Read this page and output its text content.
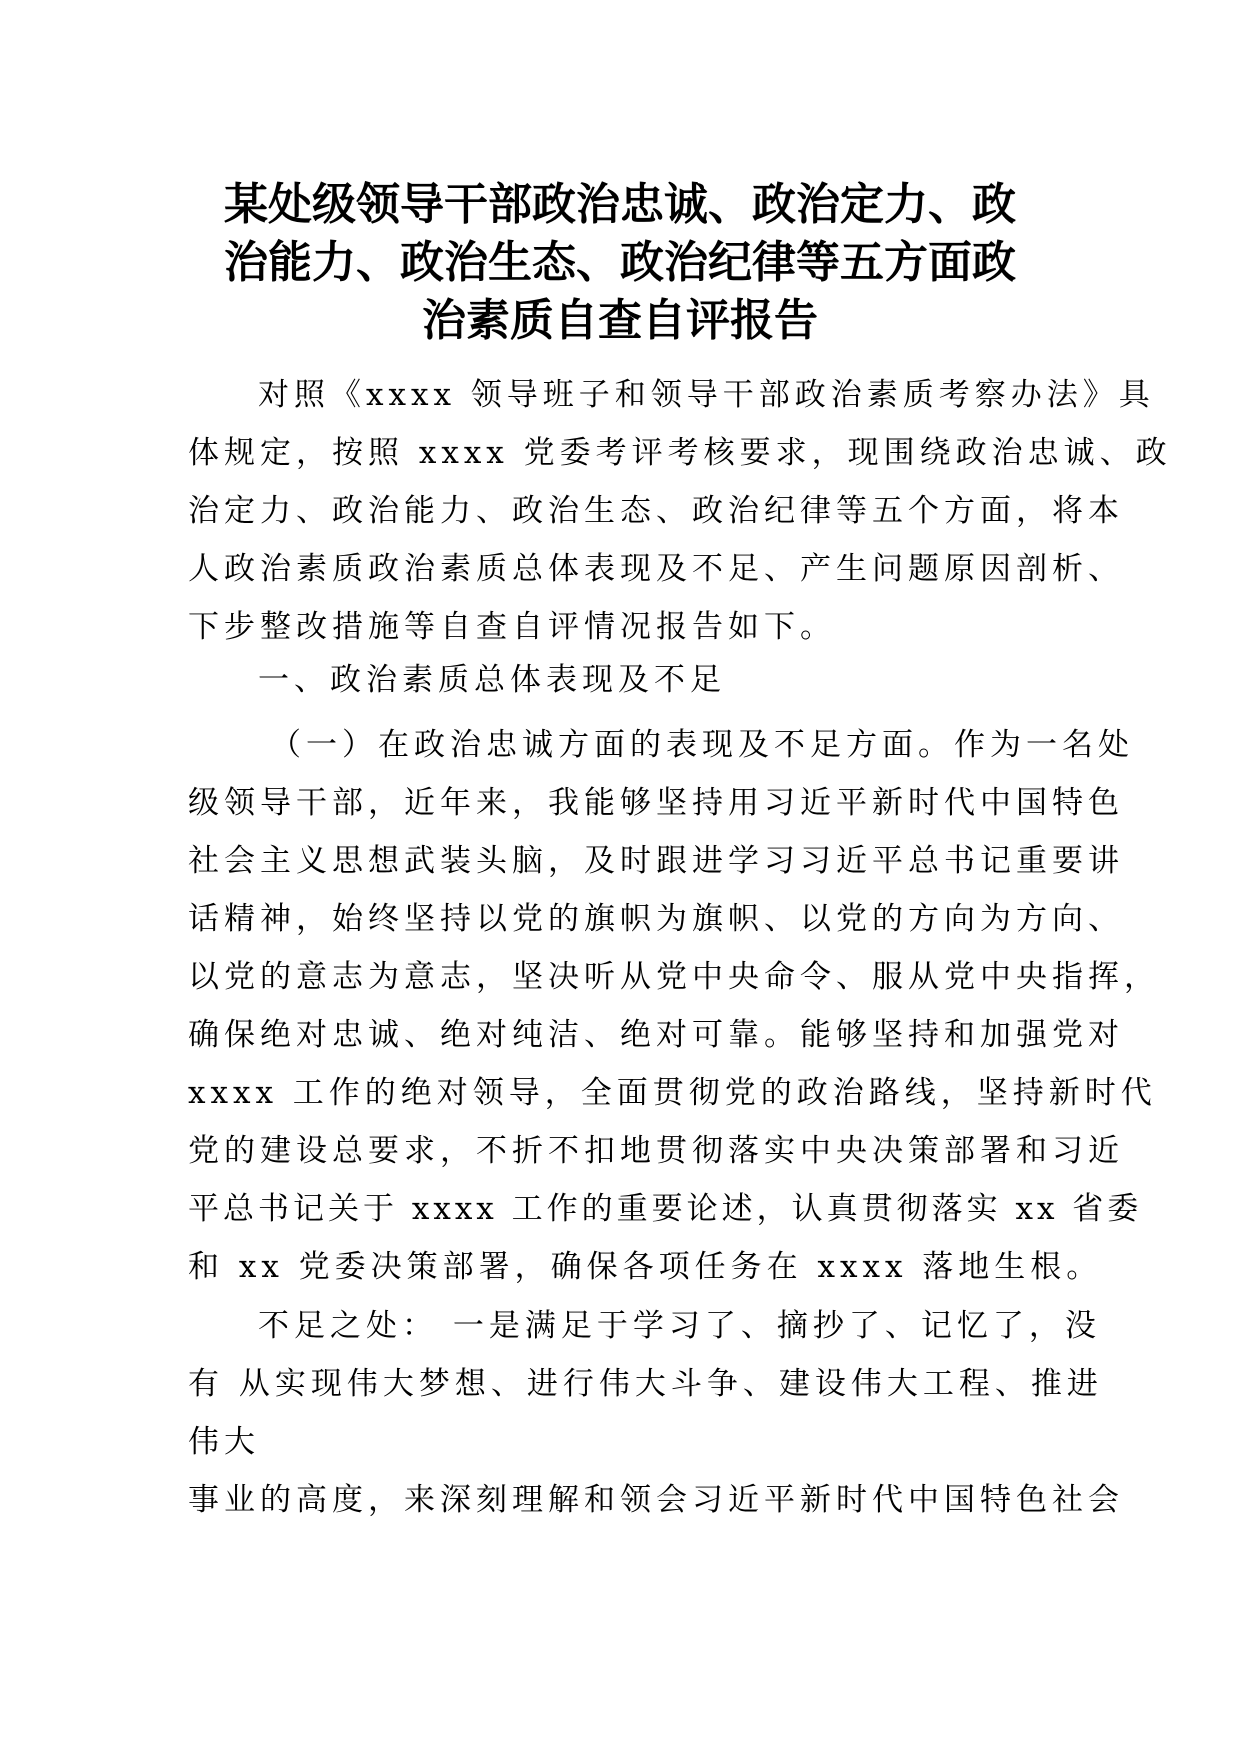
某处级领导干部政治忠诚、政治定力、政
治能力、政治生态、政治纪律等五方面政
治素质自查自评报告
对照《xxxx 领导班子和领导干部政治素质考察办法》具
体规定，按照 xxxx 党委考评考核要求，现围绕政治忠诚、政
治定力、政治能力、政治生态、政治纪律等五个方面，将本
人政治素质政治素质总体表现及不足、产生问题原因剖析、
下步整改措施等自查自评情况报告如下。
一、政治素质总体表现及不足
（一）在政治忠诚方面的表现及不足方面。作为一名处
级领导干部，近年来，我能够坚持用习近平新时代中国特色
社会主义思想武装头脑，及时跟进学习习近平总书记重要讲
话精神，始终坚持以党的旗帜为旗帜、以党的方向为方向、
以党的意志为意志，坚决听从党中央命令、服从党中央指挥，
确保绝对忠诚、绝对纯洁、绝对可靠。能够坚持和加强党对
xxxx 工作的绝对领导，全面贯彻党的政治路线，坚持新时代
党的建设总要求，不折不扣地贯彻落实中央决策部署和习近
平总书记关于 xxxx 工作的重要论述，认真贯彻落实 xx 省委
和 xx 党委决策部署，确保各项任务在 xxxx 落地生根。
不足之处： 一是满足于学习了、摘抄了、记忆了，没
有 从实现伟大梦想、进行伟大斗争、建设伟大工程、推进
伟大
事业的高度，来深刻理解和领会习近平新时代中国特色社会
